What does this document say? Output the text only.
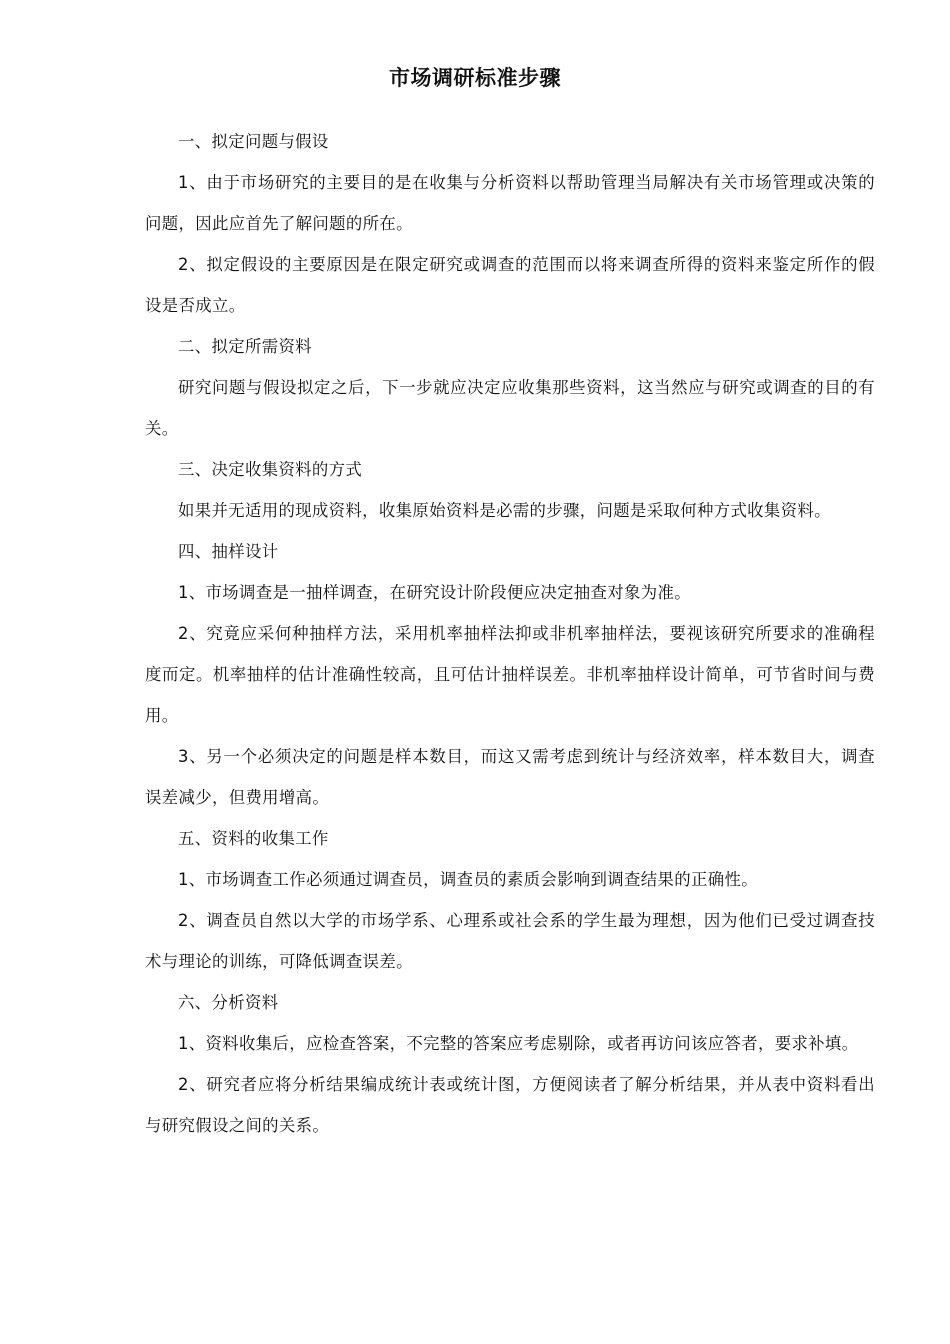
市场调研标准步骤

一、拟定问题与假设

1、由于市场研究的主要目的是在收集与分析资料以帮助管理当局解决有关市场管理或决策的问题，因此应首先了解问题的所在。

2、拟定假设的主要原因是在限定研究或调查的范围而以将来调查所得的资料来鉴定所作的假设是否成立。

二、拟定所需资料

研究问题与假设拟定之后，下一步就应决定应收集那些资料，这当然应与研究或调查的目的有关。

三、决定收集资料的方式

如果并无适用的现成资料，收集原始资料是必需的步骤，问题是采取何种方式收集资料。

四、抽样设计

1、市场调查是一抽样调查，在研究设计阶段便应决定抽查对象为准。

2、究竟应采何种抽样方法，采用机率抽样法抑或非机率抽样法，要视该研究所要求的准确程度而定。机率抽样的估计准确性较高，且可估计抽样误差。非机率抽样设计简单，可节省时间与费用。

3、另一个必须决定的问题是样本数目，而这又需考虑到统计与经济效率，样本数目大，调查误差减少，但费用增高。

五、资料的收集工作

1、市场调查工作必须通过调查员，调查员的素质会影响到调查结果的正确性。

2、调查员自然以大学的市场学系、心理系或社会系的学生最为理想，因为他们已受过调查技术与理论的训练，可降低调查误差。

六、分析资料

1、资料收集后，应检查答案，不完整的答案应考虑剔除，或者再访问该应答者，要求补填。

2、研究者应将分析结果编成统计表或统计图，方便阅读者了解分析结果，并从表中资料看出与研究假设之间的关系。
